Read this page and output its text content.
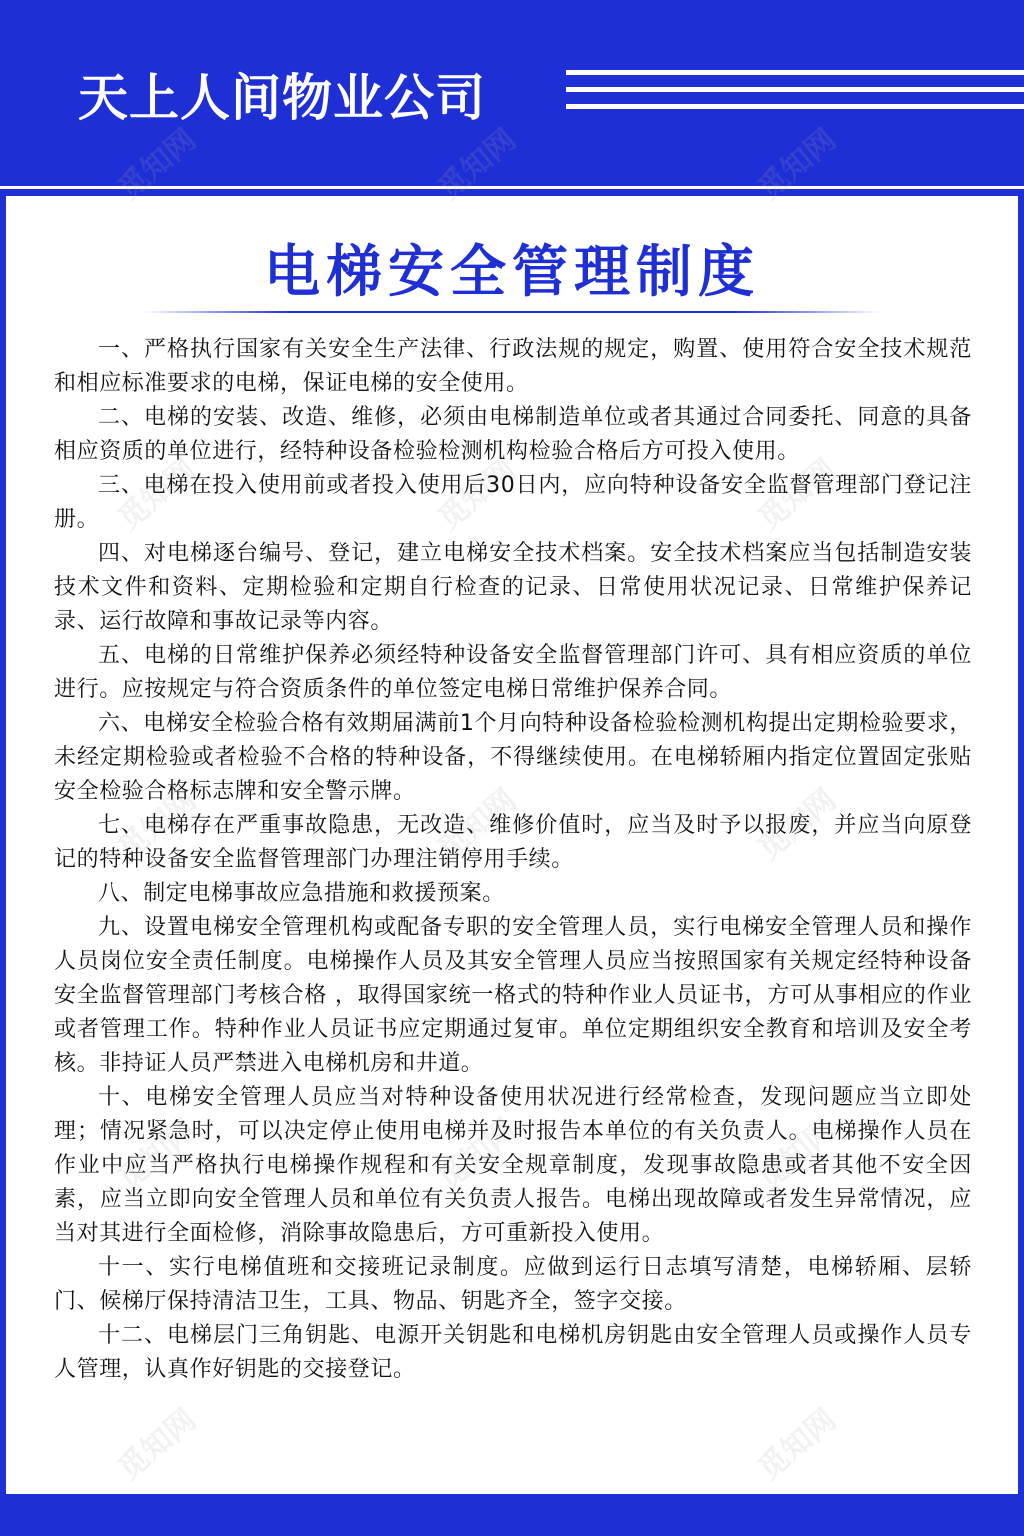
天上人间物业公司
觅知网	觅知网	觅知网
觅知网	觅知网	觅知网
觅知网	觅知网	觅知网
觅知网	觅知网	觅知网
觅知网	觅知网
电梯安全管理制度

一、严格执行国家有关安全生产法律、行政法规的规定，购置、使用符合安全技术规范和相应标准要求的电梯，保证电梯的安全使用。

二、电梯的安装、改造、维修，必须由电梯制造单位或者其通过合同委托、同意的具备相应资质的单位进行，经特种设备检验检测机构检验合格后方可投入使用。

三、电梯在投入使用前或者投入使用后30日内，应向特种设备安全监督管理部门登记注册。

四、对电梯逐台编号、登记，建立电梯安全技术档案。安全技术档案应当包括制造安装技术文件和资料、定期检验和定期自行检查的记录、日常使用状况记录、日常维护保养记录、运行故障和事故记录等内容。

五、电梯的日常维护保养必须经特种设备安全监督管理部门许可、具有相应资质的单位进行。应按规定与符合资质条件的单位签定电梯日常维护保养合同。

六、电梯安全检验合格有效期届满前1个月向特种设备检验检测机构提出定期检验要求，未经定期检验或者检验不合格的特种设备，不得继续使用。在电梯轿厢内指定位置固定张贴安全检验合格标志牌和安全警示牌。

七、电梯存在严重事故隐患，无改造、维修价值时，应当及时予以报废，并应当向原登记的特种设备安全监督管理部门办理注销停用手续。

八、制定电梯事故应急措施和救援预案。

九、设置电梯安全管理机构或配备专职的安全管理人员，实行电梯安全管理人员和操作人员岗位安全责任制度。电梯操作人员及其安全管理人员应当按照国家有关规定经特种设备安全监督管理部门考核合格 ，取得国家统一格式的特种作业人员证书，方可从事相应的作业或者管理工作。特种作业人员证书应定期通过复审。单位定期组织安全教育和培训及安全考核。非持证人员严禁进入电梯机房和井道。

十、电梯安全管理人员应当对特种设备使用状况进行经常检查，发现问题应当立即处理；情况紧急时，可以决定停止使用电梯并及时报告本单位的有关负责人。电梯操作人员在作业中应当严格执行电梯操作规程和有关安全规章制度，发现事故隐患或者其他不安全因素，应当立即向安全管理人员和单位有关负责人报告。电梯出现故障或者发生异常情况，应当对其进行全面检修，消除事故隐患后，方可重新投入使用。

十一、实行电梯值班和交接班记录制度。应做到运行日志填写清楚，电梯轿厢、层轿门、候梯厅保持清洁卫生，工具、物品、钥匙齐全，签字交接。

十二、电梯层门三角钥匙、电源开关钥匙和电梯机房钥匙由安全管理人员或操作人员专人管理，认真作好钥匙的交接登记。
